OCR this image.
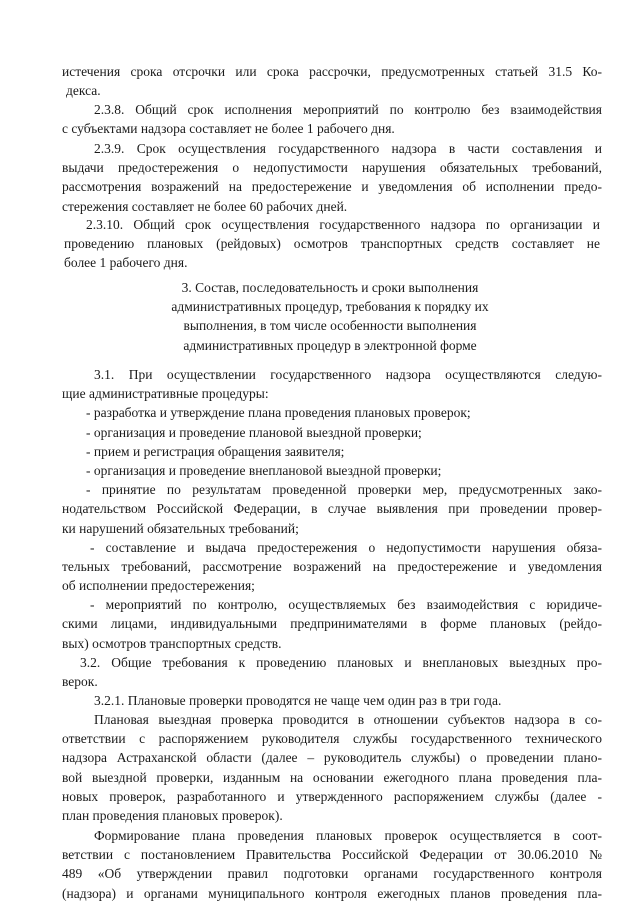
истечения срока отсрочки или срока рассрочки, предусмотренных статьей 31.5 Ко-
декса.
2.3.8. Общий срок исполнения мероприятий по контролю без взаимодействия
с субъектами надзора составляет не более 1 рабочего дня.
2.3.9. Срок осуществления государственного надзора в части составления и
выдачи предостережения о недопустимости нарушения обязательных требований,
рассмотрения возражений на предостережение и уведомления об исполнении предо-
стережения составляет не более 60 рабочих дней.
2.3.10. Общий срок осуществления государственного надзора по организации и
проведению плановых (рейдовых) осмотров транспортных средств составляет не
более 1 рабочего дня.
3. Состав, последовательность и сроки выполнения
административных процедур, требования к порядку их
выполнения, в том числе особенности выполнения
административных процедур в электронной форме
3.1. При осуществлении государственного надзора осуществляются следую-
щие административные процедуры:
- разработка и утверждение плана проведения плановых проверок;
- организация и проведение плановой выездной проверки;
- прием и регистрация обращения заявителя;
- организация и проведение внеплановой выездной проверки;
- принятие по результатам проведенной проверки мер, предусмотренных зако-
нодательством Российской Федерации, в случае выявления при проведении провер-
ки нарушений обязательных требований;
- составление и выдача предостережения о недопустимости нарушения обяза-
тельных требований, рассмотрение возражений на предостережение и уведомления
об исполнении предостережения;
- мероприятий по контролю, осуществляемых без взаимодействия с юридиче-
скими лицами, индивидуальными предпринимателями в форме плановых (рейдо-
вых) осмотров транспортных средств.
3.2. Общие требования к проведению плановых и внеплановых выездных про-
верок.
3.2.1. Плановые проверки проводятся не чаще чем один раз в три года.
Плановая выездная проверка проводится в отношении субъектов надзора в со-
ответствии с распоряжением руководителя службы государственного технического
надзора Астраханской области (далее – руководитель службы) о проведении плано-
вой выездной проверки, изданным на основании ежегодного плана проведения пла-
новых проверок, разработанного и утвержденного распоряжением службы (далее -
план проведения плановых проверок).
Формирование плана проведения плановых проверок осуществляется в соот-
ветствии с постановлением Правительства Российской Федерации от 30.06.2010 №
489 «Об утверждении правил подготовки органами государственного контроля
(надзора) и органами муниципального контроля ежегодных планов проведения пла-
